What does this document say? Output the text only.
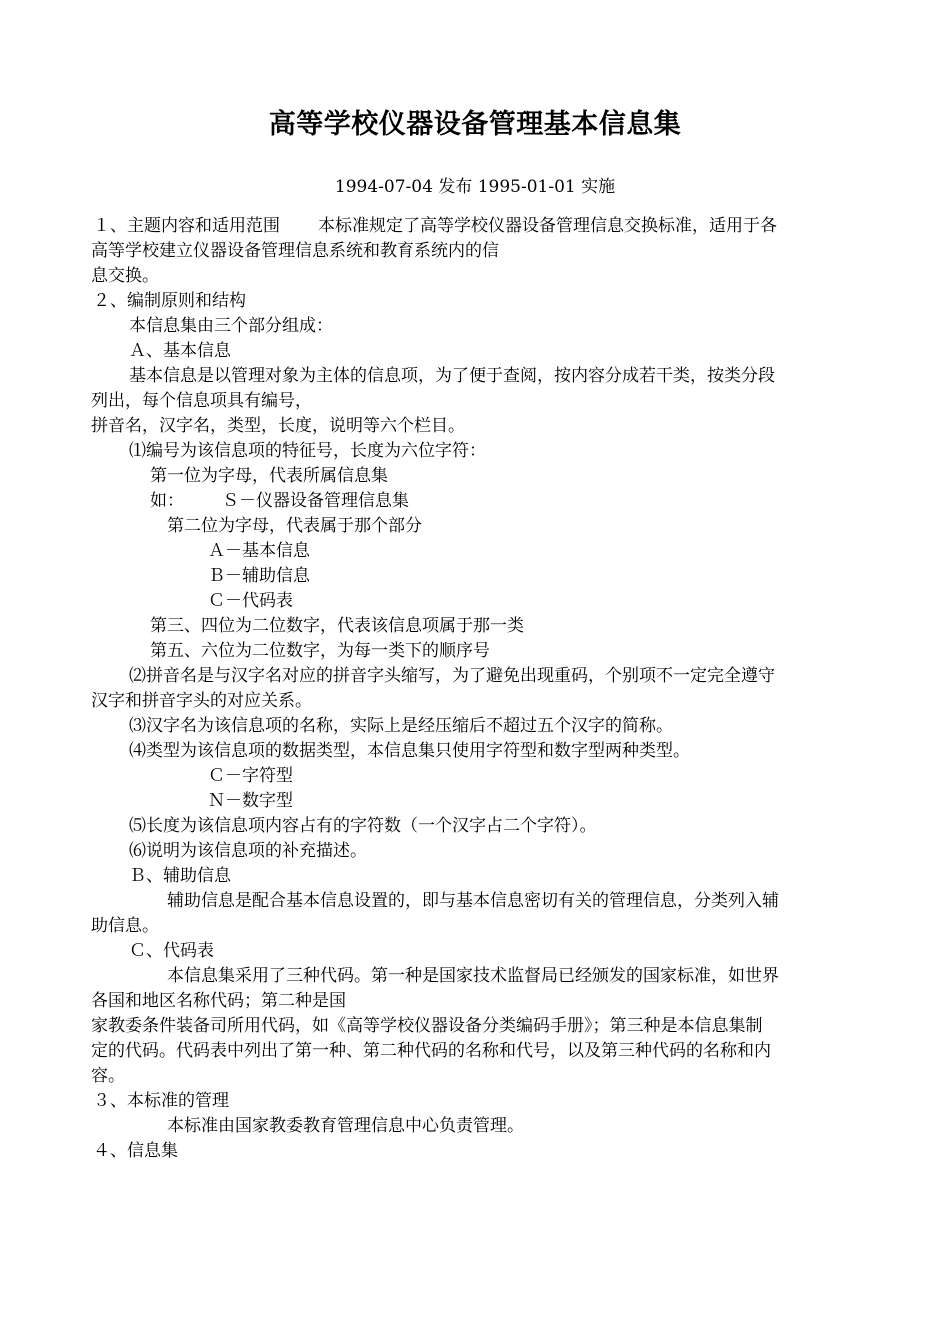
高等学校仪器设备管理基本信息集
1994-07-04 发布 1995-01-01 实施
１、主题内容和适用范围 本标准规定了高等学校仪器设备管理信息交换标准，适用于各
高等学校建立仪器设备管理信息系统和教育系统内的信
息交换。
２、编制原则和结构
本信息集由三个部分组成：
Ａ、基本信息
基本信息是以管理对象为主体的信息项，为了便于查阅，按内容分成若干类，按类分段
列出，每个信息项具有编号，
拼音名，汉字名，类型，长度，说明等六个栏目。
⑴编号为该信息项的特征号，长度为六位字符：
第一位为字母，代表所属信息集
如： Ｓ－仪器设备管理信息集
第二位为字母，代表属于那个部分
Ａ－基本信息
Ｂ－辅助信息
Ｃ－代码表
第三、四位为二位数字，代表该信息项属于那一类
第五、六位为二位数字，为每一类下的顺序号
⑵拼音名是与汉字名对应的拼音字头缩写，为了避免出现重码，个别项不一定完全遵守
汉字和拼音字头的对应关系。
⑶汉字名为该信息项的名称，实际上是经压缩后不超过五个汉字的简称。
⑷类型为该信息项的数据类型，本信息集只使用字符型和数字型两种类型。
Ｃ－字符型
Ｎ－数字型
⑸长度为该信息项内容占有的字符数（一个汉字占二个字符）。
⑹说明为该信息项的补充描述。
Ｂ、辅助信息
辅助信息是配合基本信息设置的，即与基本信息密切有关的管理信息，分类列入辅
助信息。
Ｃ、代码表
本信息集采用了三种代码。第一种是国家技术监督局已经颁发的国家标准，如世界
各国和地区名称代码；第二种是国
家教委条件装备司所用代码，如《高等学校仪器设备分类编码手册》；第三种是本信息集制
定的代码。代码表中列出了第一种、第二种代码的名称和代号，以及第三种代码的名称和内
容。
３、本标准的管理
本标准由国家教委教育管理信息中心负责管理。
４、信息集
